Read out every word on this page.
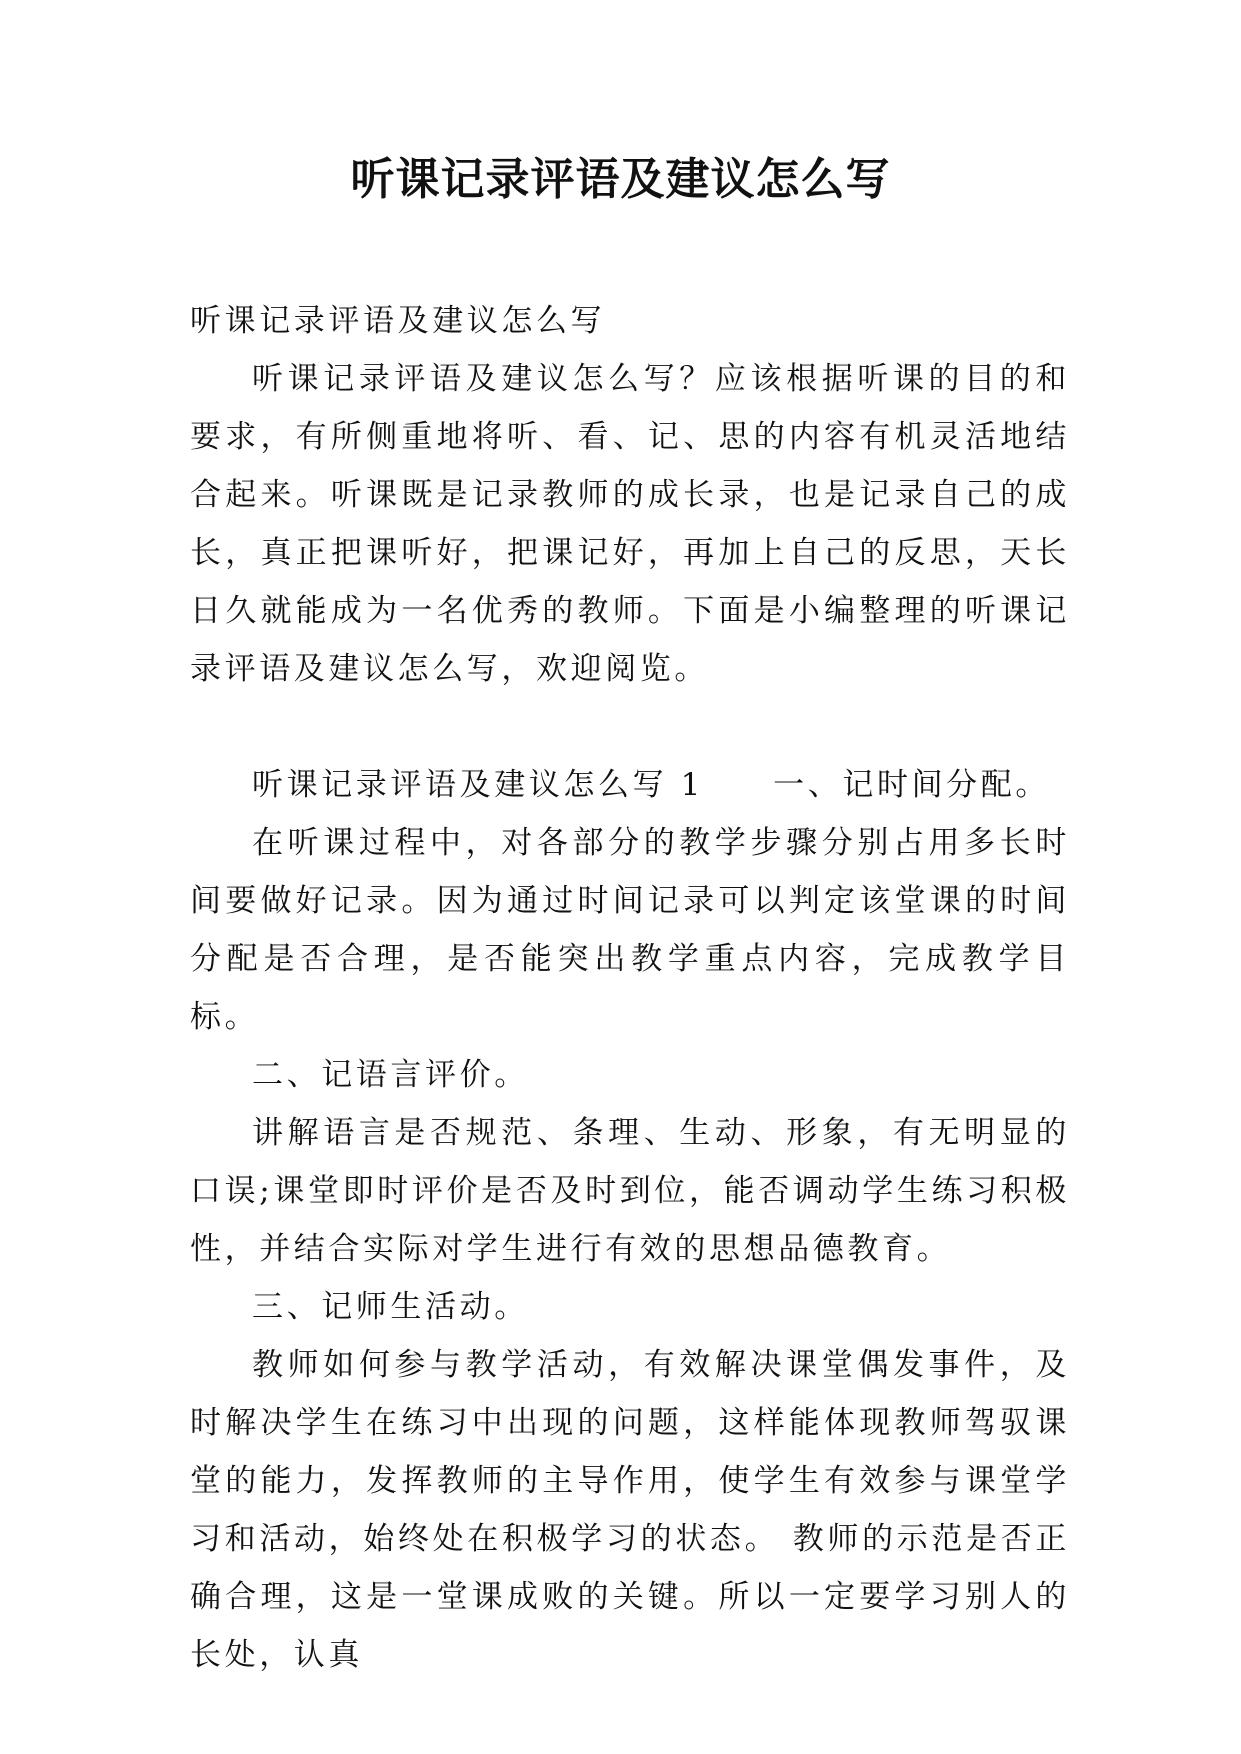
听课记录评语及建议怎么写

听课记录评语及建议怎么写

听课记录评语及建议怎么写？应该根据听课的目的和要求，有所侧重地将听、看、记、思的内容有机灵活地结合起来。听课既是记录教师的成长录，也是记录自己的成长，真正把课听好，把课记好，再加上自己的反思，天长日久就能成为一名优秀的教师。下面是小编整理的听课记录评语及建议怎么写，欢迎阅览。

听课记录评语及建议怎么写 1　　一、记时间分配。

在听课过程中，对各部分的教学步骤分别占用多长时间要做好记录。因为通过时间记录可以判定该堂课的时间分配是否合理，是否能突出教学重点内容，完成教学目标。

二、记语言评价。

讲解语言是否规范、条理、生动、形象，有无明显的口误;课堂即时评价是否及时到位，能否调动学生练习积极性，并结合实际对学生进行有效的思想品德教育。

三、记师生活动。

教师如何参与教学活动，有效解决课堂偶发事件，及时解决学生在练习中出现的问题，这样能体现教师驾驭课堂的能力，发挥教师的主导作用，使学生有效参与课堂学习和活动，始终处在积极学习的状态。 教师的示范是否正确合理，这是一堂课成败的关键。所以一定要学习别人的长处，认真
